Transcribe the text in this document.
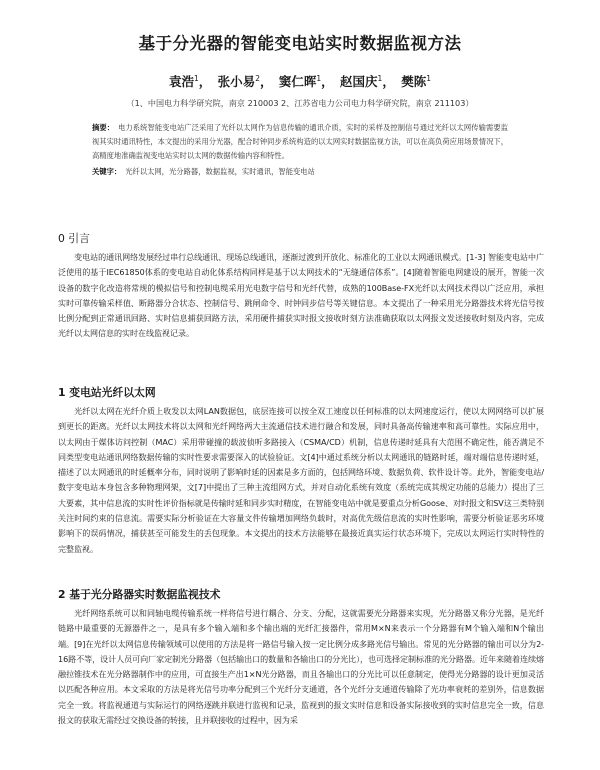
基于分光器的智能变电站实时数据监视方法
袁浩$^1$， 张小易$^2$， 窦仁晖$^1$， 赵国庆$^1$， 樊陈$^1$
（1、中国电力科学研究院，南京 210003 2、江苏省电力公司电力科学研究院，南京 211103）
摘要： 电力系统智能变电站广泛采用了光纤以太网作为信息传输的通讯介质，实时的采样及控制信号通过光纤以太网传输需要监视其实时通讯特性，本文提出的采用分光器，配合时钟同步系统构造的以太网实时数据监视方法，可以在高负荷应用场景情况下，高精度地准确监视变电站实时以太网的数据传输内容和特性。
关键字： 光纤以太网，光分路器，数据监视，实时通讯，智能变电站
0 引言
变电站的通讯网络发展经过串行总线通讯、现场总线通讯，逐渐过渡到开放化、标准化的工业以太网通讯模式。[1-3] 智能变电站中广泛使用的基于IEC61850体系的变电站自动化体系结构同样是基于以太网技术的“无缝通信体系”。[4]随着智能电网建设的展开，智能一次设备的数字化改造将常规的模拟信号和控制电缆采用光电数字信号和光纤代替，成熟的100Base-FX光纤以太网技术得以广泛应用，承担实时可靠传输采样值、断路器分合状态、控制信号、跳闸命令、时钟同步信号等关键信息。本文提出了一种采用光分路器技术将光信号按比例分配到正常通讯回路、实时信息捕获回路方法，采用硬件捕获实时报文接收时刻方法准确获取以太网报文发送接收时刻及内容，完成光纤以太网信息的实时在线监视记录。
1 变电站光纤以太网
光纤以太网在光纤介质上收发以太网LAN数据包，底层连接可以按全双工速度以任何标准的以太网速度运行，使以太网网络可以扩展到更长的距离。光纤以太网技术将以太网和光纤网络两大主流通信技术进行融合和发展，同时具备高传输速率和高可靠性。实际应用中，以太网由于媒体访问控制（MAC）采用带碰撞的载波侦听多路接入（CSMA/CD）机制，信息传递时延具有大范围不确定性，能否满足不同类型变电站通讯网络数据传输的实时性要求需要深入的试验验证。文[4]中通过系统分析以太网通讯的链路时延，端对端信息传递时延，描述了以太网通讯的时延概率分布，同时说明了影响时延的因素是多方面的，包括网络环境、数据负荷、软件设计等。此外，智能变电站/数字变电站本身包含多种物理网架，文[7]中提出了三种主流组网方式，并对自动化系统有效度（系统完成其规定功能的总能力）提出了三大要素，其中信息流的实时性评价指标就是传输时延和同步实时精度，在智能变电站中就是要重点分析Goose、对时报文和SV这三类特别关注时间约束的信息流。需要实际分析验证在大容量文件传输增加网络负载时，对高优先级信息流的实时性影响，需要分析验证恶劣环境影响下的误码情况，捕获甚至可能发生的丢包现象。本文提出的技术方法能够在最接近真实运行状态环境下，完成以太网运行实时特性的完整监视。
2 基于光分路器实时数据监视技术
光纤网络系统可以和同轴电缆传输系统一样将信号进行耦合、分支、分配，这就需要光分路器来实现，光分路器又称分光器，是光纤链路中最重要的无源器件之一，是具有多个输入端和多个输出端的光纤汇接器件，常用M×N来表示一个分路器有M个输入端和N个输出端。[9]在光纤以太网信息传输领域可以使用的方法是将一路信号输入按一定比例分成多路光信号输出。常见的光分路器的输出可以分为2-16路不等，设计人员可向厂家定制光分路器（包括输出口的数量和各输出口的分光比），也可选择定制标准的光分路器。近年来随着连续熔融拉锥技术在光分路器制作中的应用，可直接生产出1×N光分路器，而且各输出口的分光比可以任意制定，使得光分路器的设计更加灵活以匹配各种应用。本文采取的方法是将光信号功率分配到三个光纤分支通道，各个光纤分支通道传输除了光功率衰耗的差别外，信息数据完全一致。将监视通道与实际运行的网络逐跳并联进行监视和记录，监视到的报文实时信息和设备实际接收到的实时信息完全一致，信息报文的获取无需经过交换设备的转接，且并联接收的过程中，因为采
